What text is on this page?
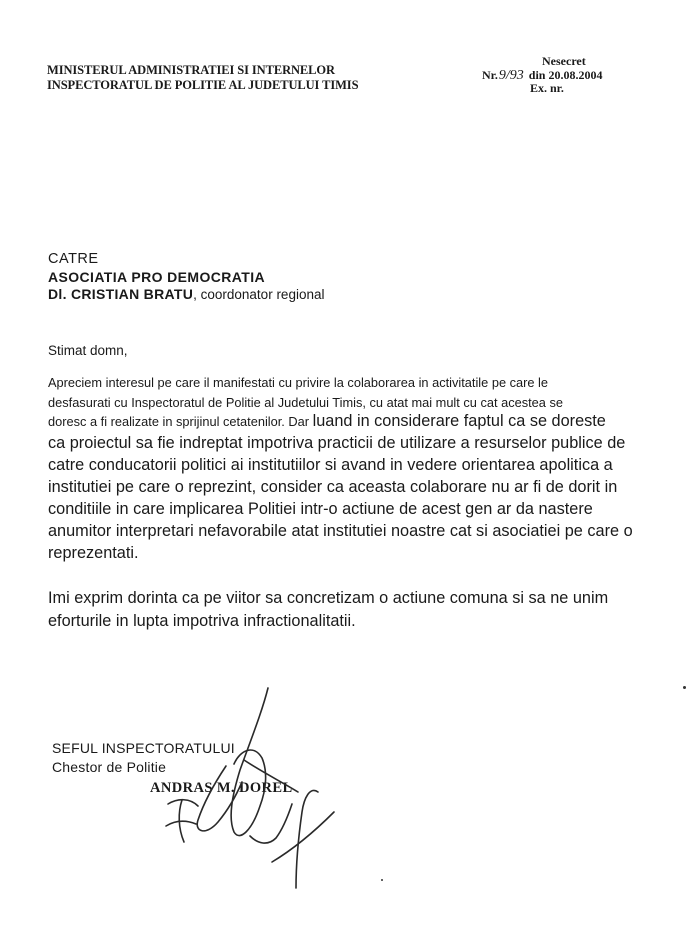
MINISTERUL ADMINISTRATIEI SI INTERNELOR
INSPECTORATUL DE POLITIE AL JUDETULUI TIMIS
Nesecret
Nr.9/93 din 20.08.2004
Ex. nr.
CATRE
ASOCIATIA PRO DEMOCRATIA
Dl. CRISTIAN BRATU, coordonator regional
Stimat domn,
Apreciem interesul pe care il manifestati cu privire la colaborarea in activitatile pe care le
desfasurati cu Inspectoratul de Politie al Judetului Timis, cu atat mai mult cu cat acestea se
doresc a fi realizate in sprijinul cetatenilor. Dar luand in considerare faptul ca se doreste
ca proiectul sa fie indreptat impotriva practicii de utilizare a resurselor publice de
catre conducatorii politici ai institutiilor si avand in vedere orientarea apolitica a
institutiei pe care o reprezint, consider ca aceasta colaborare nu ar fi de dorit in
conditiile in care implicarea Politiei intr-o actiune de acest gen ar da nastere
anumitor interpretari nefavorabile atat institutiei noastre cat si asociatiei pe care o
reprezentati.
Imi exprim dorinta ca pe viitor sa concretizam o actiune comuna si sa ne unim
eforturile in lupta impotriva infractionalitatii.
SEFUL INSPECTORATULUI
Chestor de Politie
ANDRAS M. DOREL
